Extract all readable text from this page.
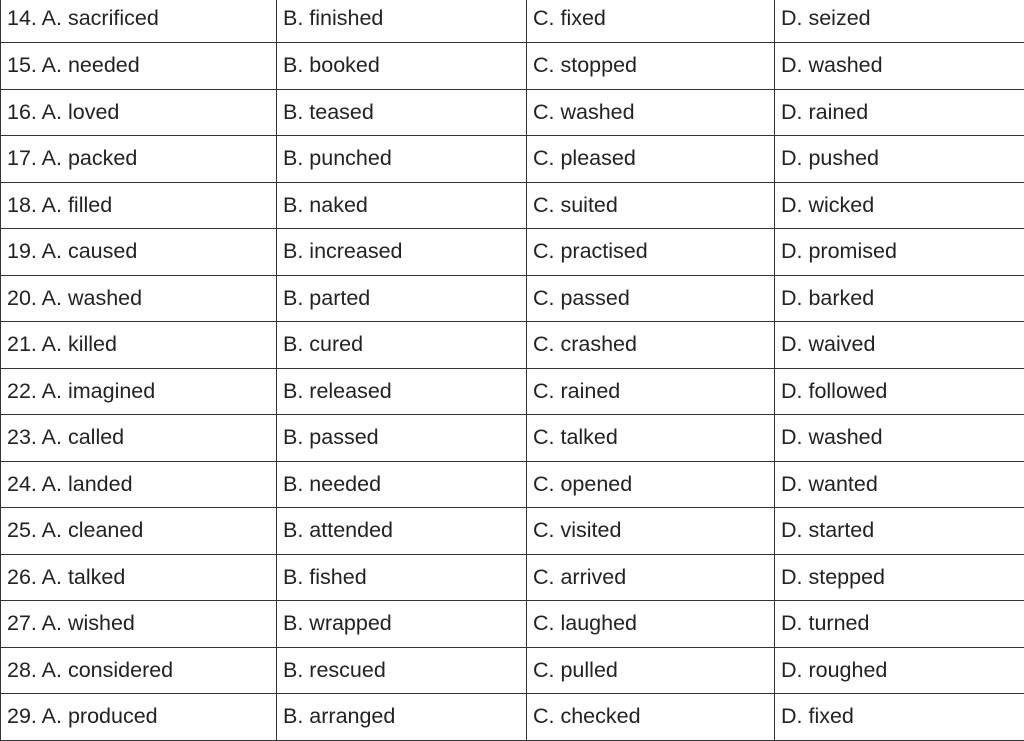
14. A. sacrificed	B. finished	C. fixed	D. seized
15. A. needed	B. booked	C. stopped	D. washed
16. A. loved	B. teased	C. washed	D. rained
17. A. packed	B. punched	C. pleased	D. pushed
18. A. filled	B. naked	C. suited	D. wicked
19. A. caused	B. increased	C. practised	D. promised
20. A. washed	B. parted	C. passed	D. barked
21. A. killed	B. cured	C. crashed	D. waived
22. A. imagined	B. released	C. rained	D. followed
23. A. called	B. passed	C. talked	D. washed
24. A. landed	B. needed	C. opened	D. wanted
25. A. cleaned	B. attended	C. visited	D. started
26. A. talked	B. fished	C. arrived	D. stepped
27. A. wished	B. wrapped	C. laughed	D. turned
28. A. considered	B. rescued	C. pulled	D. roughed
29. A. produced	B. arranged	C. checked	D. fixed
